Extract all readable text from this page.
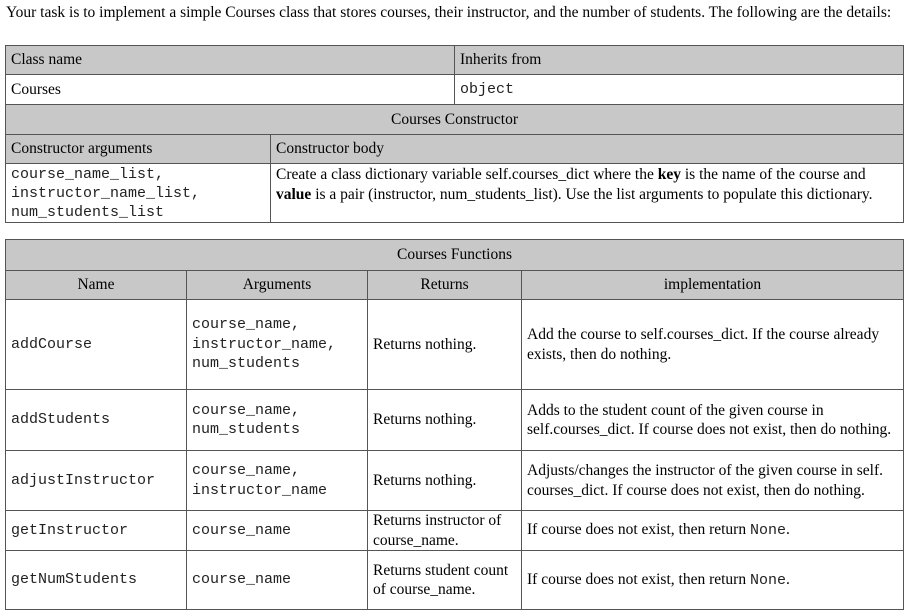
Your task is to implement a simple Courses class that stores courses, their instructor, and the number of students. The following are the details:
Class name		Inherits from
Courses		object
Courses Constructor		
Constructor arguments	Constructor body	

course_name_list,
instructor_name_list,
num_students_list	Create a class dictionary variable self.courses_dict where the key is the name of the course and value is a pair (instructor, num_students_list). Use the list arguments to populate this dictionary.	
Courses Functions			
Name	Arguments	Returns	implementation
addCourse	course_name,
instructor_name,
num_students	Returns nothing.	Add the course to self.courses_dict. If the course already exists, then do nothing.
addStudents	course_name,
num_students	Returns nothing.	Adds to the student count of the given course in self.courses_dict. If course does not exist, then do nothing.
adjustInstructor	course_name,
instructor_name	Returns nothing.	Adjusts/changes the instructor of the given course in self. courses_dict. If course does not exist, then do nothing.
getInstructor	course_name	Returns instructor of course_name.	If course does not exist, then return None.
getNumStudents	course_name	Returns student count of course_name.	If course does not exist, then return None.
